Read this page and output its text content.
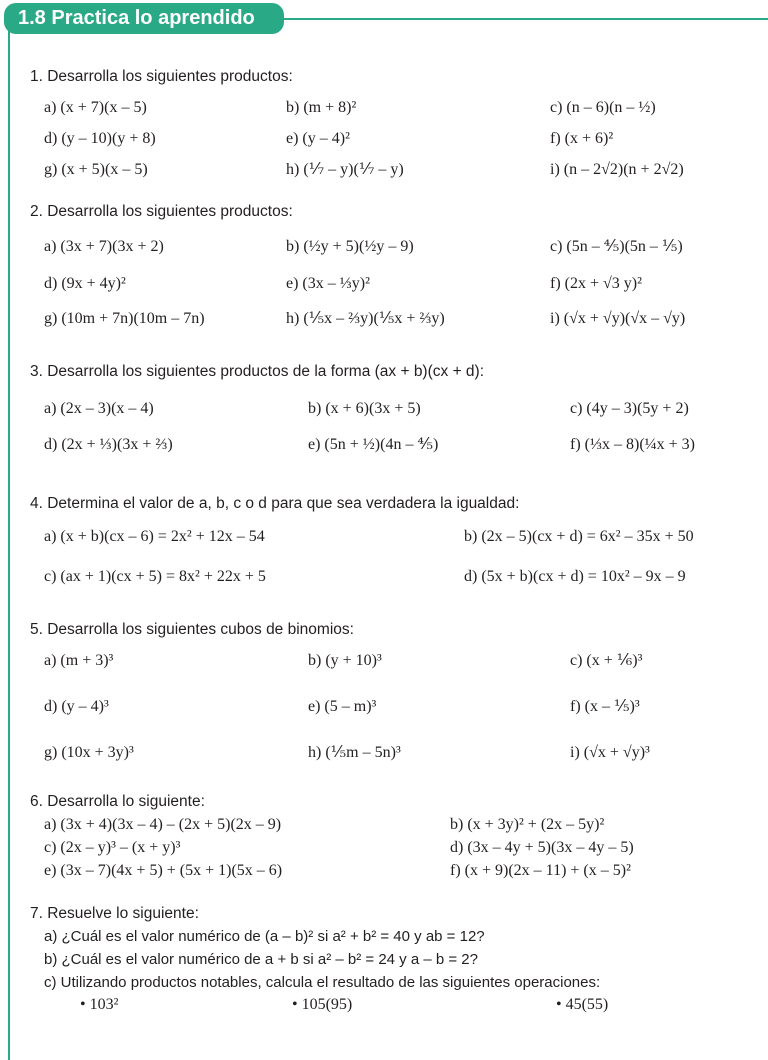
1.8 Practica lo aprendido
1. Desarrolla los siguientes productos:
a) (x + 7)(x – 5)	b) (m + 8)²	c) (n – 6)(n – ½)
d) (y – 10)(y + 8)	e) (y – 4)²	f) (x + 6)²
g) (x + 5)(x – 5)	h) (⅐ – y)(⅐ – y)	i) (n – 2√2)(n + 2√2)
2. Desarrolla los siguientes productos:
a) (3x + 7)(3x + 2)	b) (½y + 5)(½y – 9)	c) (5n – ⅘)(5n – ⅕)
d) (9x + 4y)²	e) (3x – ⅓y)²	f) (2x + √3 y)²
g) (10m + 7n)(10m – 7n)	h) (⅕x – ⅔y)(⅕x + ⅔y)	i) (√x + √y)(√x – √y)
3. Desarrolla los siguientes productos de la forma (ax + b)(cx + d):
a) (2x – 3)(x – 4)	b) (x + 6)(3x + 5)	c) (4y – 3)(5y + 2)
d) (2x + ⅓)(3x + ⅔)	e) (5n + ½)(4n – ⅘)	f) (⅓x – 8)(¼x + 3)
4. Determina el valor de a, b, c o d para que sea verdadera la igualdad:
a) (x + b)(cx – 6) = 2x² + 12x – 54	b) (2x – 5)(cx + d) = 6x² – 35x + 50
c) (ax + 1)(cx + 5) = 8x² + 22x + 5	d) (5x + b)(cx + d) = 10x² – 9x – 9
5. Desarrolla los siguientes cubos de binomios:
a) (m + 3)³	b) (y + 10)³	c) (x + ⅙)³
d) (y – 4)³	e) (5 – m)³	f) (x – ⅕)³
g) (10x + 3y)³	h) (⅕m – 5n)³	i) (√x + √y)³
6. Desarrolla lo siguiente:
a) (3x + 4)(3x – 4) – (2x + 5)(2x – 9)	b) (x + 3y)² + (2x – 5y)²
c) (2x – y)³ – (x + y)³	d) (3x – 4y + 5)(3x – 4y – 5)
e) (3x – 7)(4x + 5) + (5x + 1)(5x – 6)	f) (x + 9)(2x – 11) + (x – 5)²
7. Resuelve lo siguiente:
a) ¿Cuál es el valor numérico de (a – b)² si a² + b² = 40 y ab = 12?
b) ¿Cuál es el valor numérico de a + b si a² – b² = 24 y a – b = 2?
c) Utilizando productos notables, calcula el resultado de las siguientes operaciones:
• 103²	• 105(95)	• 45(55)
